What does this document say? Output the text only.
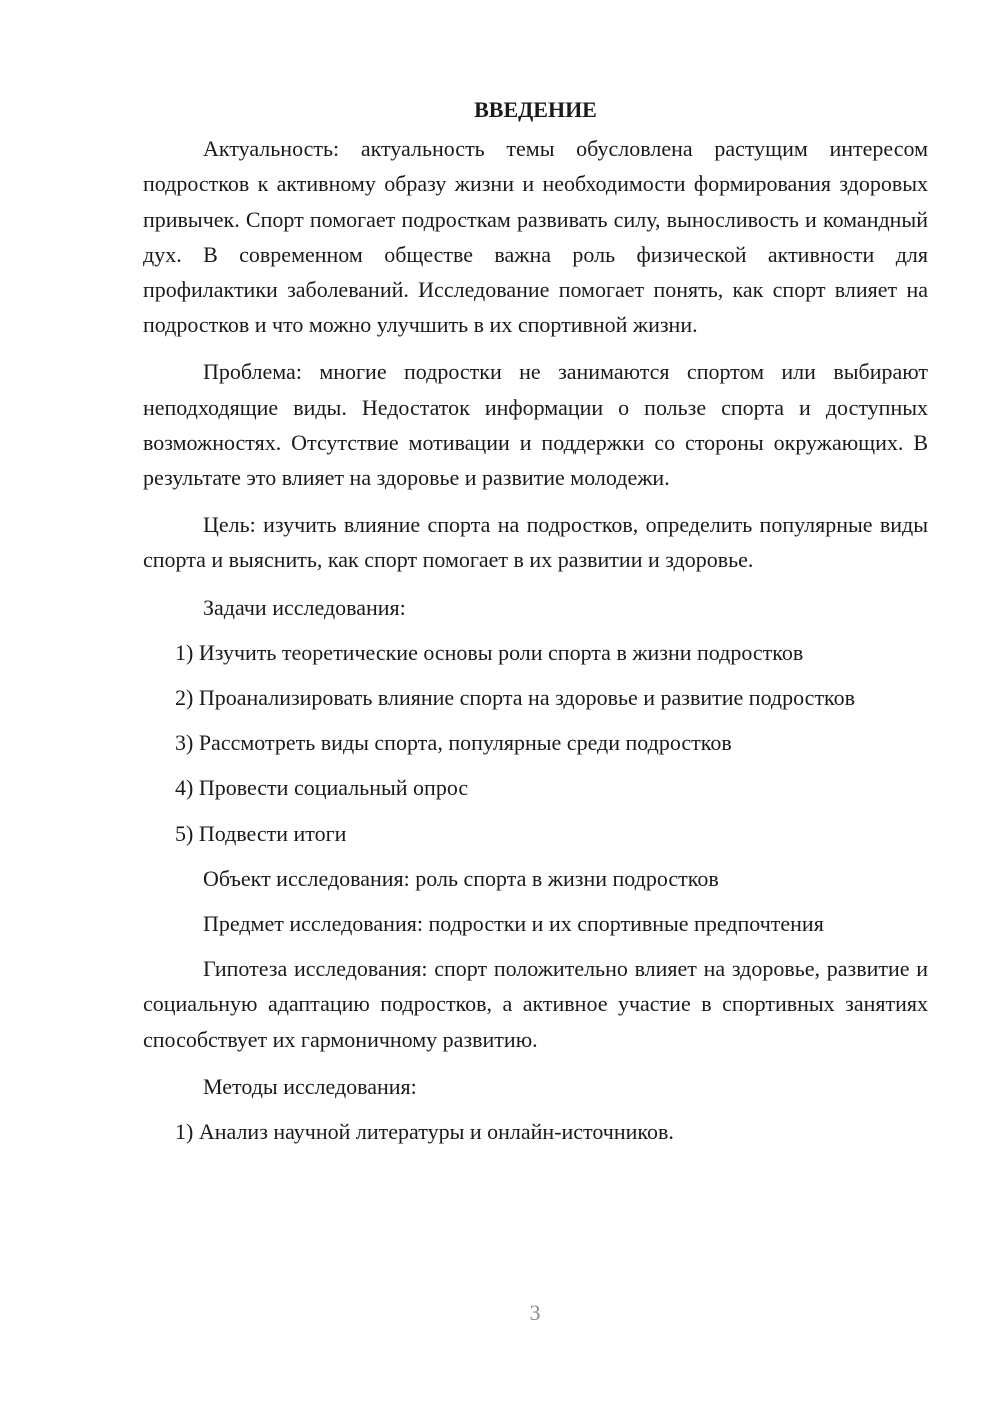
ВВЕДЕНИЕ

Актуальность: актуальность темы обусловлена растущим интересом подростков к активному образу жизни и необходимости формирования здоровых привычек. Спорт помогает подросткам развивать силу, выносливость и командный дух. В современном обществе важна роль физической активности для профилактики заболеваний. Исследование помогает понять, как спорт влияет на подростков и что можно улучшить в их спортивной жизни.

Проблема: многие подростки не занимаются спортом или выбирают неподходящие виды. Недостаток информации о пользе спорта и доступных возможностях. Отсутствие мотивации и поддержки со стороны окружающих. В результате это влияет на здоровье и развитие молодежи.

Цель: изучить влияние спорта на подростков, определить популярные виды спорта и выяснить, как спорт помогает в их развитии и здоровье.

Задачи исследования:

1) Изучить теоретические основы роли спорта в жизни подростков

2) Проанализировать влияние спорта на здоровье и развитие подростков

3) Рассмотреть виды спорта, популярные среди подростков

4) Провести социальный опрос

5) Подвести итоги

Объект исследования: роль спорта в жизни подростков

Предмет исследования: подростки и их спортивные предпочтения

Гипотеза исследования: спорт положительно влияет на здоровье, развитие и социальную адаптацию подростков, а активное участие в спортивных занятиях способствует их гармоничному развитию.

Методы исследования:

1) Анализ научной литературы и онлайн-источников.

3
